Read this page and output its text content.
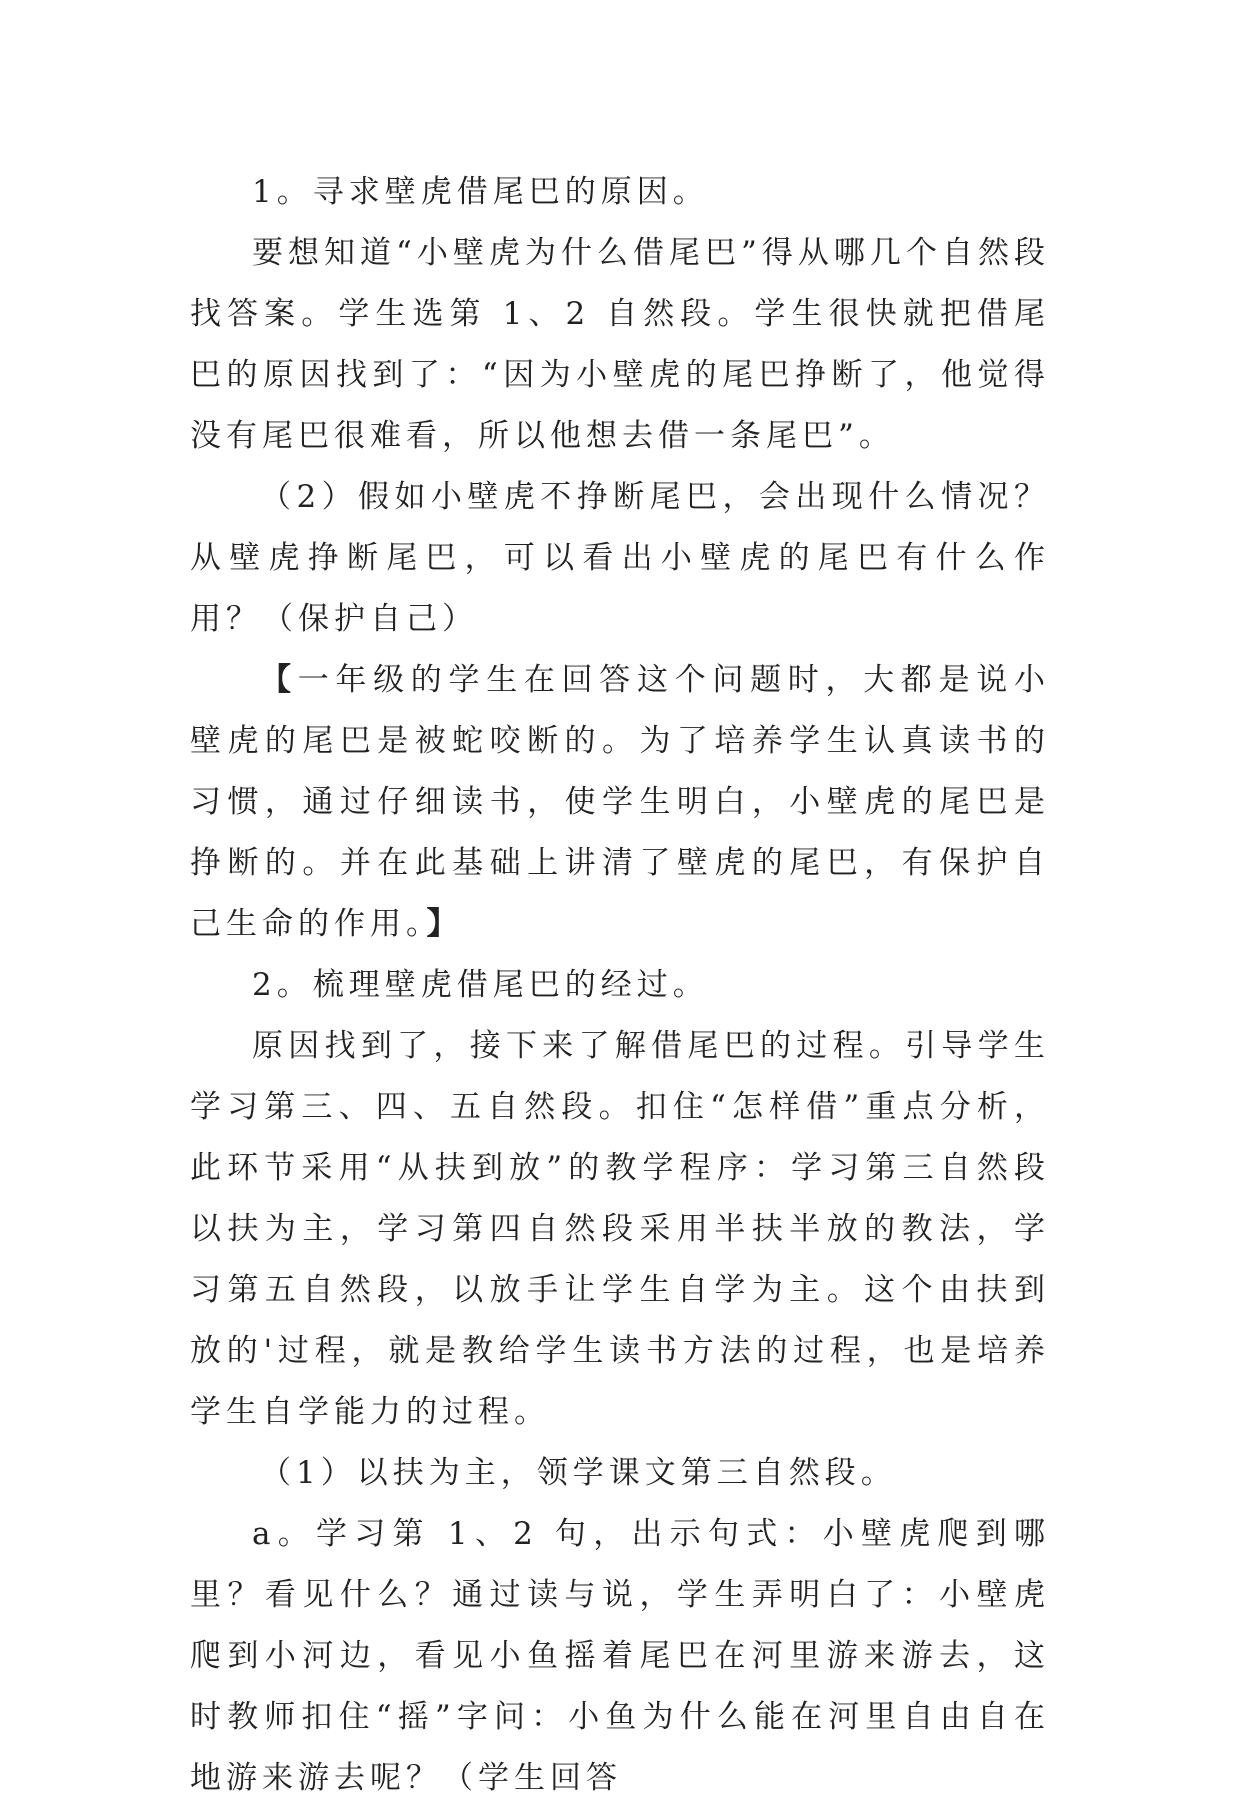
1。寻求壁虎借尾巴的原因。

要想知道“小壁虎为什么借尾巴”得从哪几个自然段找答案。学生选第 1、2 自然段。学生很快就把借尾巴的原因找到了：“因为小壁虎的尾巴挣断了，他觉得没有尾巴很难看，所以他想去借一条尾巴”。

（2）假如小壁虎不挣断尾巴，会出现什么情况？从壁虎挣断尾巴，可以看出小壁虎的尾巴有什么作用？（保护自己）

【一年级的学生在回答这个问题时，大都是说小壁虎的尾巴是被蛇咬断的。为了培养学生认真读书的习惯，通过仔细读书，使学生明白，小壁虎的尾巴是挣断的。并在此基础上讲清了壁虎的尾巴，有保护自己生命的作用。】

2。梳理壁虎借尾巴的经过。

原因找到了，接下来了解借尾巴的过程。引导学生学习第三、四、五自然段。扣住“怎样借”重点分析，此环节采用“从扶到放”的教学程序：学习第三自然段以扶为主，学习第四自然段采用半扶半放的教法，学习第五自然段，以放手让学生自学为主。这个由扶到放的'过程，就是教给学生读书方法的过程，也是培养学生自学能力的过程。

（1）以扶为主，领学课文第三自然段。

a。学习第 1、2 句，出示句式：小壁虎爬到哪里？看见什么？通过读与说，学生弄明白了：小壁虎爬到小河边，看见小鱼摇着尾巴在河里游来游去，这时教师扣住“摇”字问：小鱼为什么能在河里自由自在地游来游去呢？（学生回答
